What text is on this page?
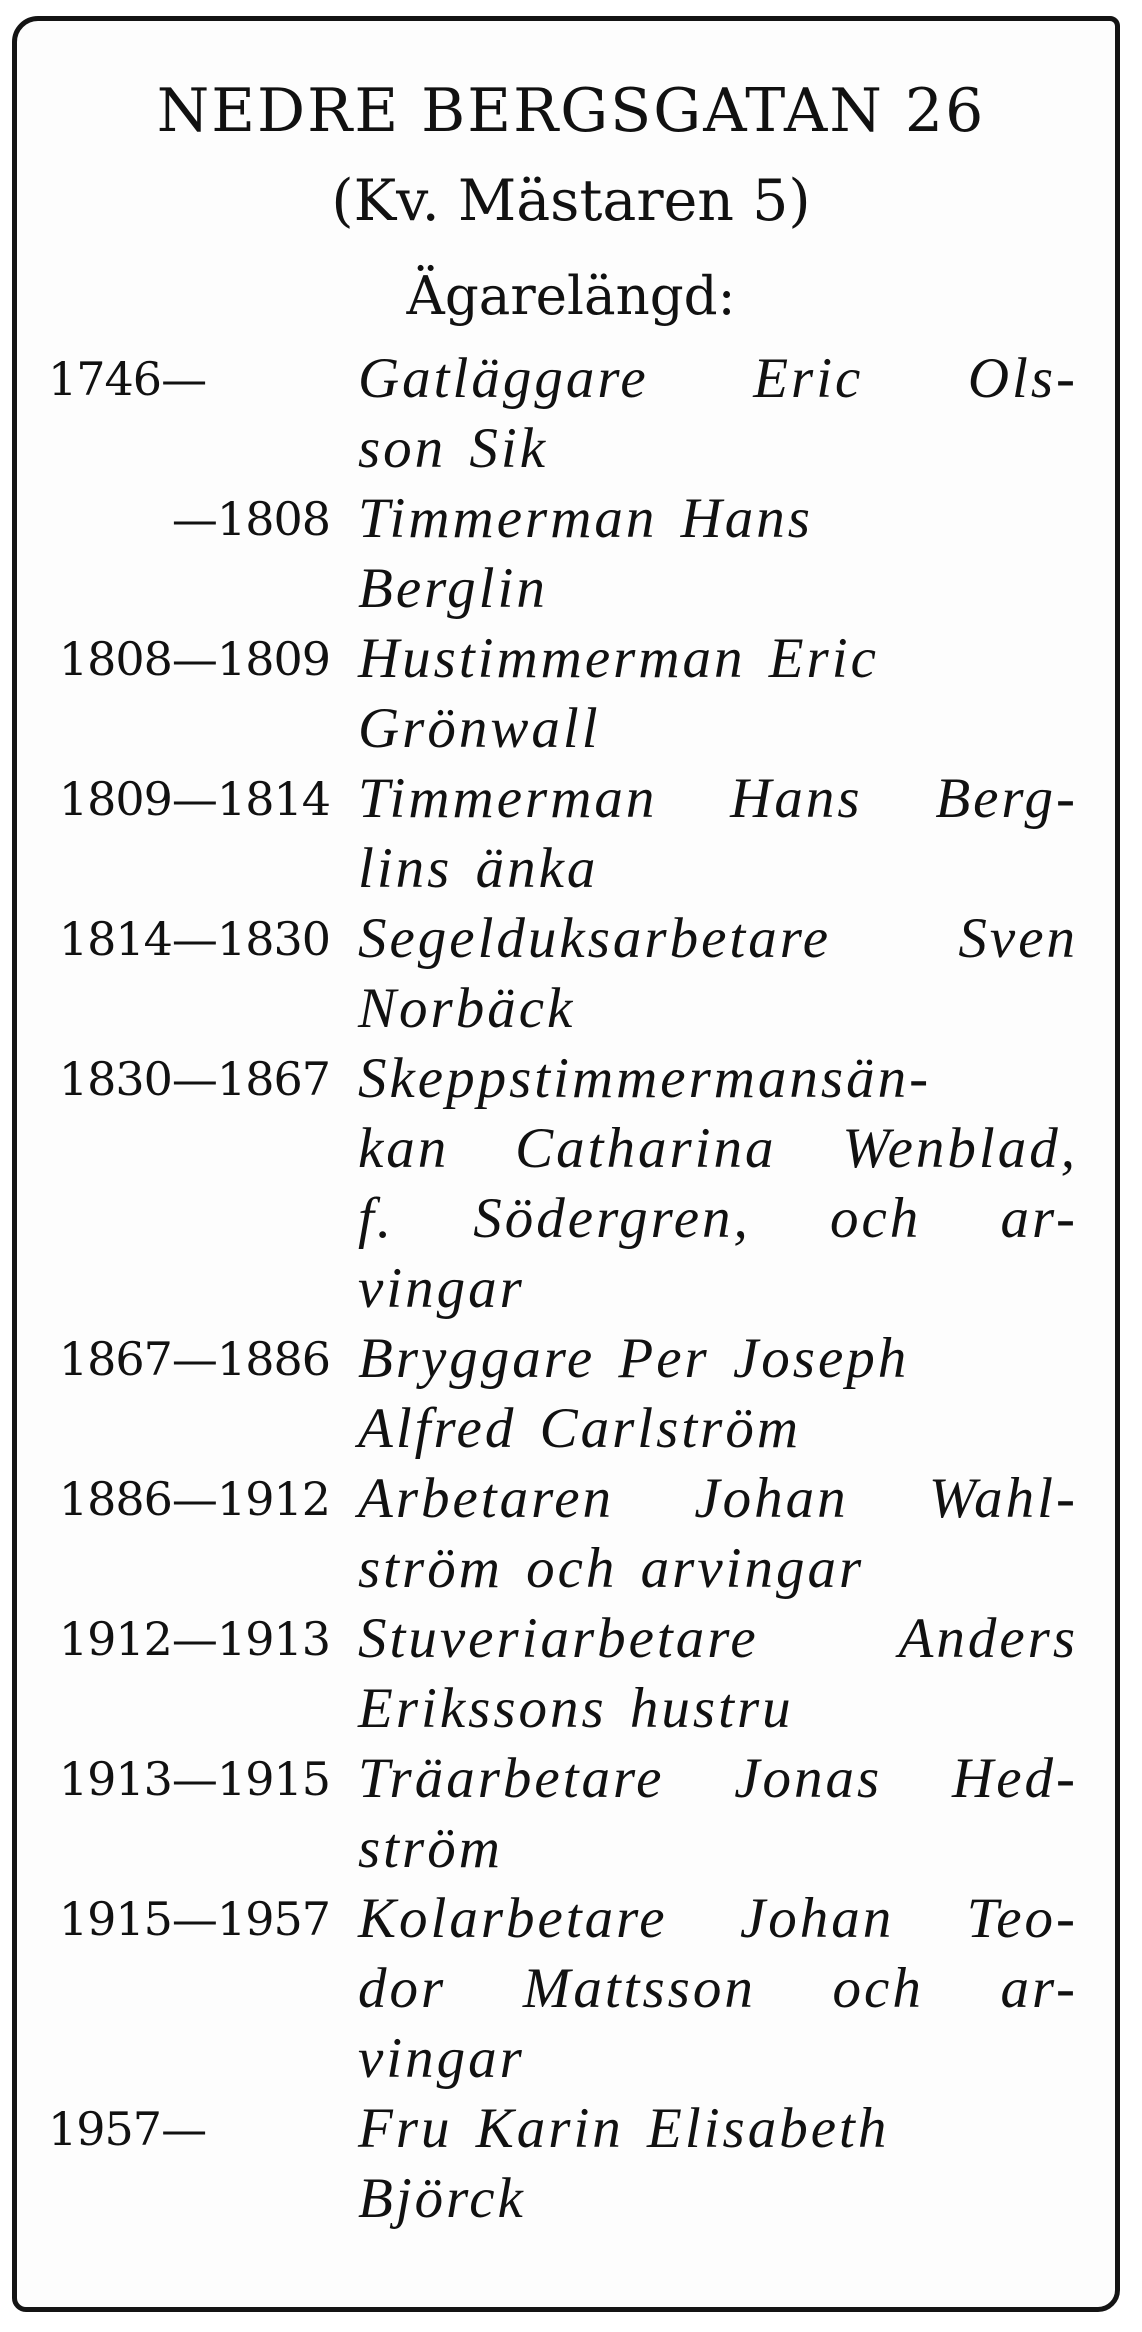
NEDRE BERGSGATAN 26
(Kv. Mästaren 5)
Ägarelängd:
1746—	Gatläggare Eric Ols-
son Sik
—1808 Timmerman Hans
Berglin
1808—1809 Hustimmerman Eric
Grönwall
1809—1814 Timmerman Hans Berg-
lins änka
1814—1830 Segelduksarbetare Sven
Norbäck
1830—1867 Skeppstimmermansän-
kan Catharina Wenblad,
f. Södergren, och ar-
vingar
1867—1886 Bryggare Per Joseph
Alfred Carlström
1886—1912 Arbetaren Johan Wahl-
ström och arvingar
1912—1913 Stuveriarbetare Anders
Erikssons hustru
1913—1915 Träarbetare Jonas Hed-
ström
1915—1957 Kolarbetare Johan Teo-
dor Mattsson och ar-
vingar
1957—	Fru Karin Elisabeth
Björck
